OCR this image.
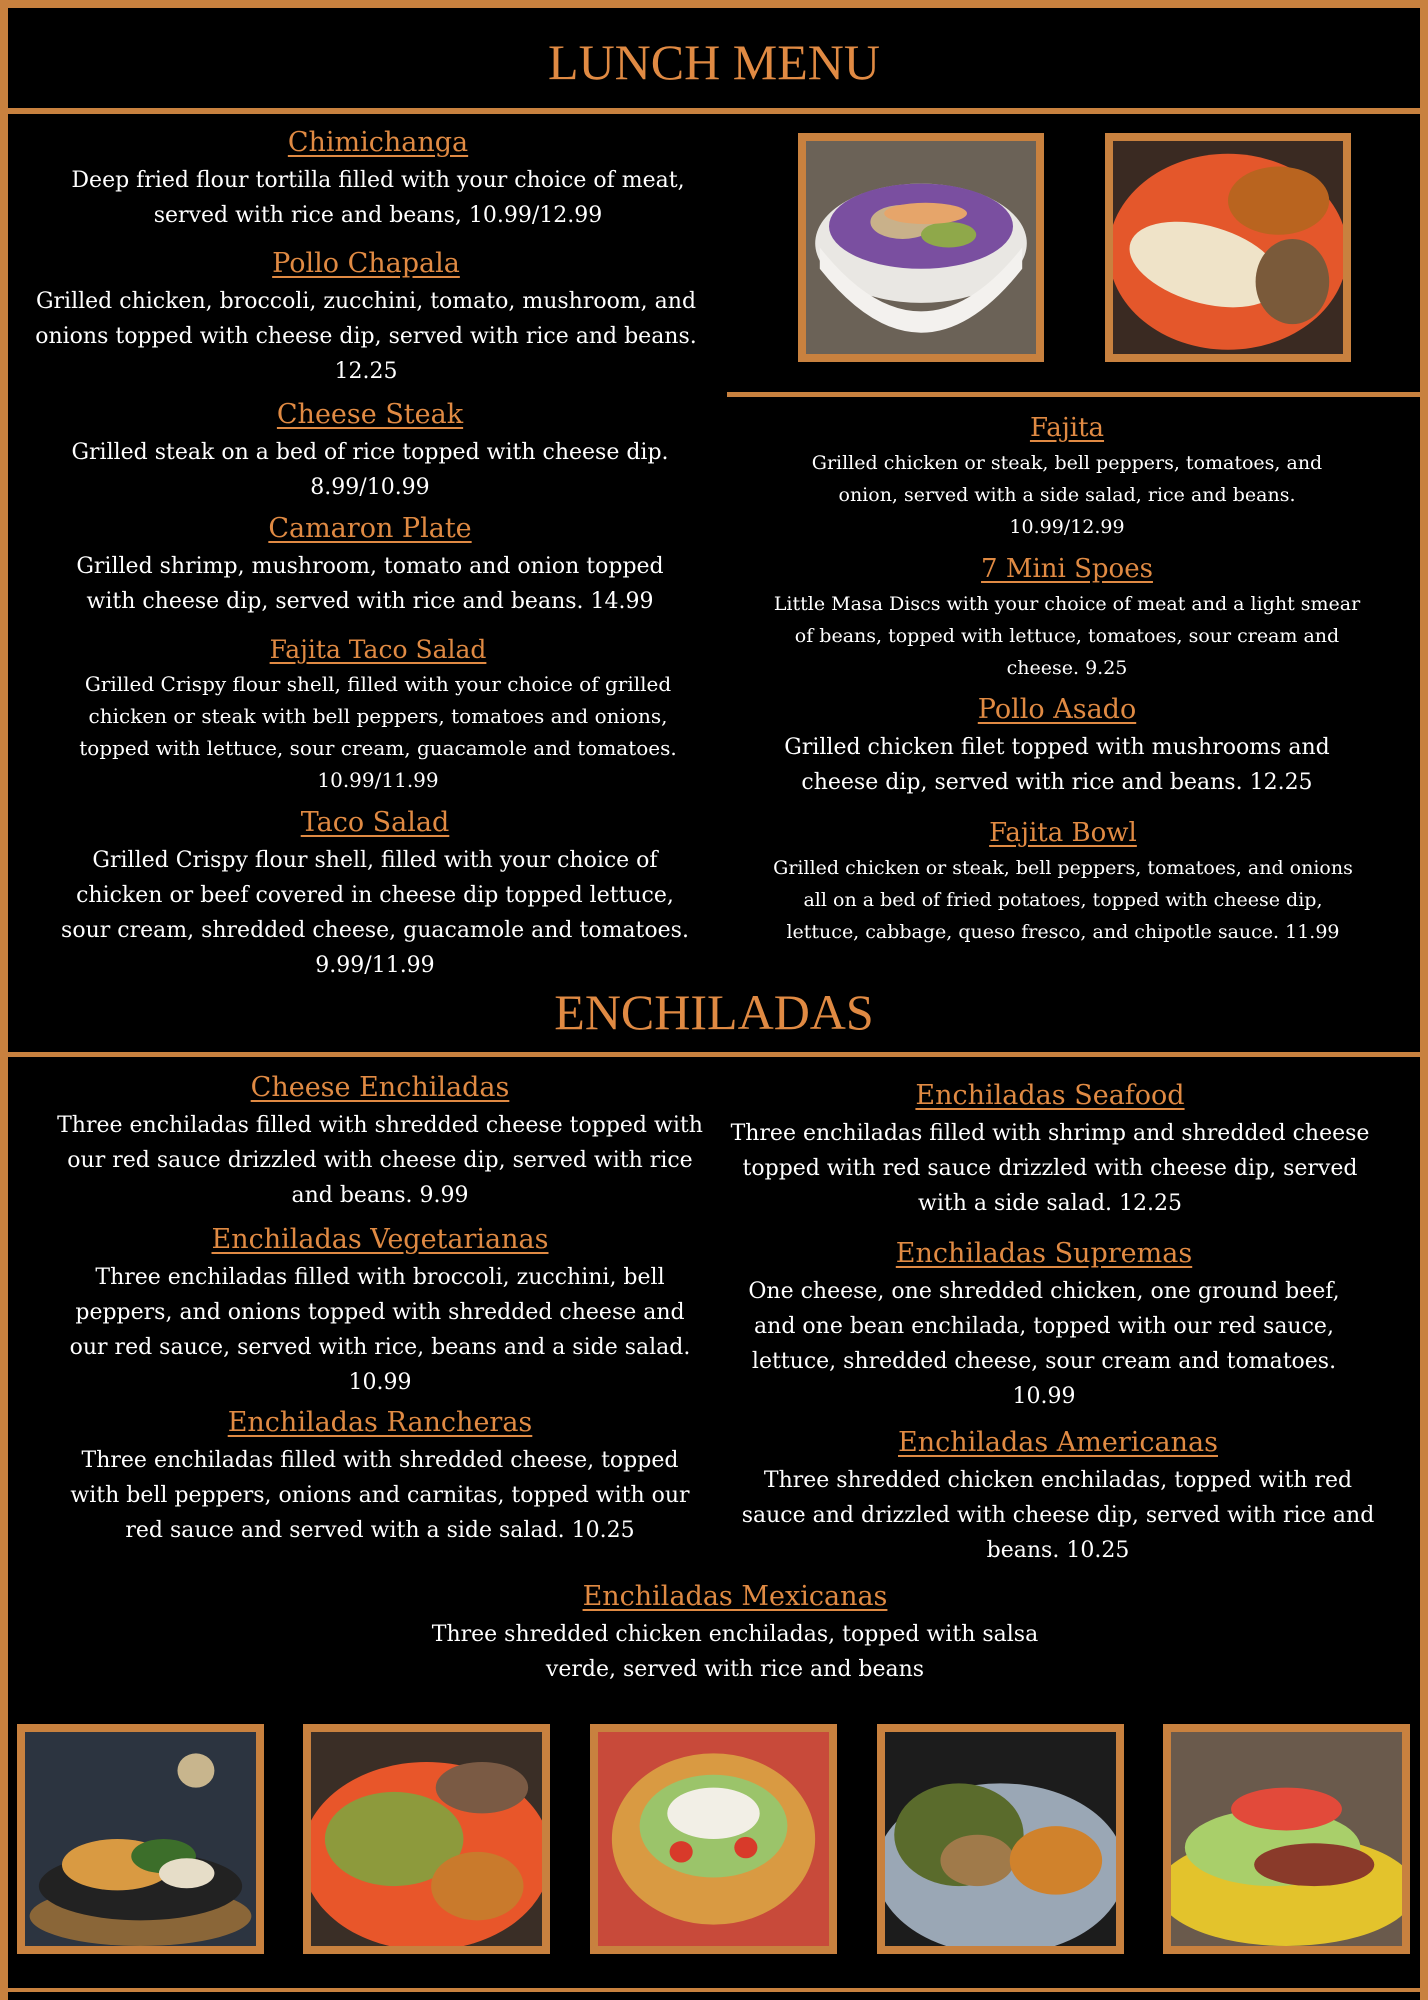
LUNCH MENU
Chimichanga

Deep fried flour tortilla filled with your choice of meat, served with rice and beans, 10.99/12.99

Pollo Chapala

Grilled chicken, broccoli, zucchini, tomato, mushroom, and onions topped with cheese dip, served with rice and beans. 12.25

Cheese Steak

Grilled steak on a bed of rice topped with cheese dip. 8.99/10.99

Camaron Plate

Grilled shrimp, mushroom, tomato and onion topped with cheese dip, served with rice and beans. 14.99

Fajita Taco Salad

Grilled Crispy flour shell, filled with your choice of grilled chicken or steak with bell peppers, tomatoes and onions, topped with lettuce, sour cream, guacamole and tomatoes. 10.99/11.99

Taco Salad

Grilled Crispy flour shell, filled with your choice of chicken or beef covered in cheese dip topped lettuce, sour cream, shredded cheese, guacamole and tomatoes. 9.99/11.99

Fajita

Grilled chicken or steak, bell peppers, tomatoes, and onion, served with a side salad, rice and beans. 10.99/12.99

7 Mini Spoes

Little Masa Discs with your choice of meat and a light smear of beans, topped with lettuce, tomatoes, sour cream and cheese. 9.25

Pollo Asado

Grilled chicken filet topped with mushrooms and cheese dip, served with rice and beans. 12.25

Fajita Bowl

Grilled chicken or steak, bell peppers, tomatoes, and onions all on a bed of fried potatoes, topped with cheese dip, lettuce, cabbage, queso fresco, and chipotle sauce. 11.99

ENCHILADAS
Cheese Enchiladas

Three enchiladas filled with shredded cheese topped with our red sauce drizzled with cheese dip, served with rice and beans. 9.99

Enchiladas Vegetarianas

Three enchiladas filled with broccoli, zucchini, bell peppers, and onions topped with shredded cheese and our red sauce, served with rice, beans and a side salad. 10.99

Enchiladas Rancheras

Three enchiladas filled with shredded cheese, topped with bell peppers, onions and carnitas, topped with our red sauce and served with a side salad. 10.25

Enchiladas Seafood

Three enchiladas filled with shrimp and shredded cheese topped with red sauce drizzled with cheese dip, served with a side salad. 12.25

Enchiladas Supremas

One cheese, one shredded chicken, one ground beef, and one bean enchilada, topped with our red sauce, lettuce, shredded cheese, sour cream and tomatoes. 10.99

Enchiladas Americanas

Three shredded chicken enchiladas, topped with red sauce and drizzled with cheese dip, served with rice and beans. 10.25

Enchiladas Mexicanas

Three shredded chicken enchiladas, topped with salsa verde, served with rice and beans
